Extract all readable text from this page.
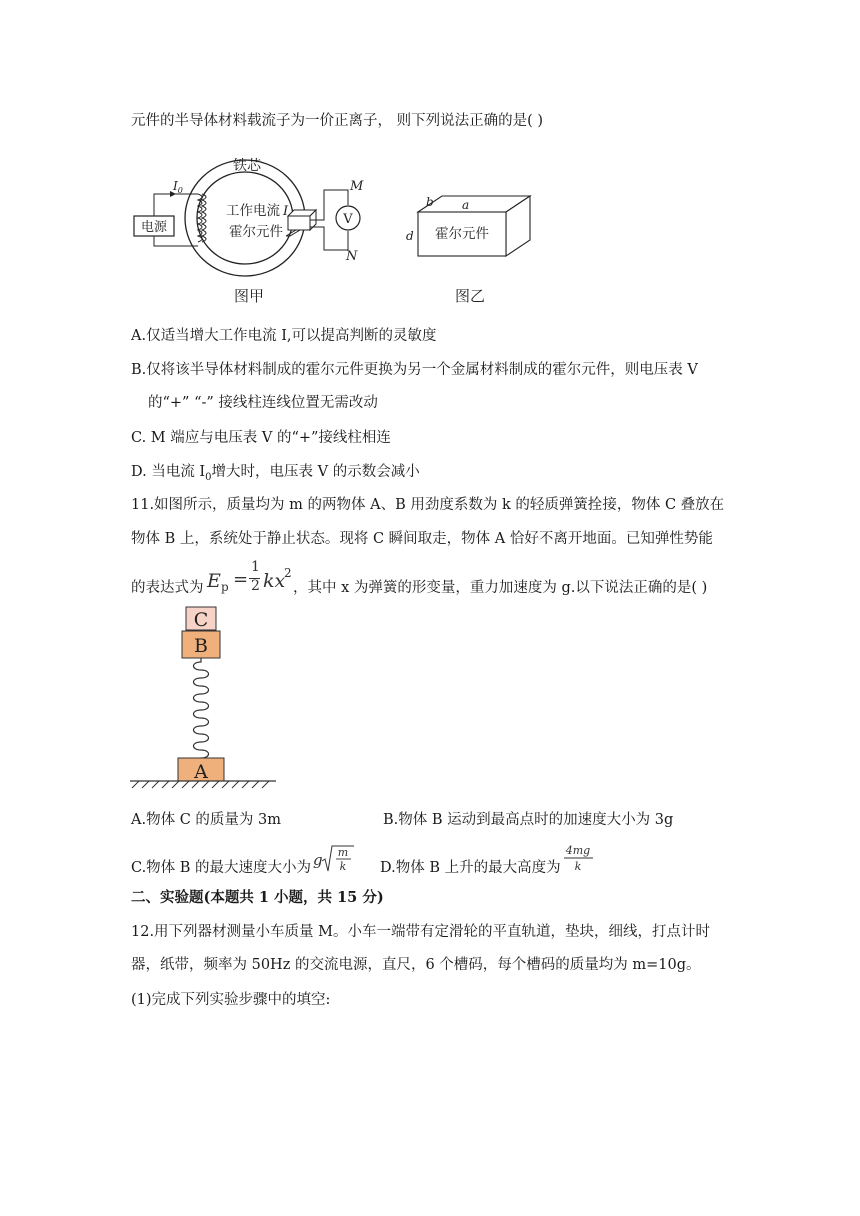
元件的半导体材料载流子为一价正离子， 则下列说法正确的是( )
电源
铁芯
$I_0$
工作电流 I
霍尔元件
V
M
N
图甲
b a
d 霍尔元件
图乙
A.仅适当增大工作电流 I,可以提高判断的灵敏度
B.仅将该半导体材料制成的霍尔元件更换为另一个金属材料制成的霍尔元件，则电压表 V
的“+” “-” 接线柱连线位置无需改动
C. M 端应与电压表 V 的“+”接线柱相连
D. 当电流 $I_0$增大时，电压表 V 的示数会减小
11.如图所示，质量均为 m 的两物体 A、B 用劲度系数为 k 的轻质弹簧拴接，物体 C 叠放在
物体 B 上，系统处于静止状态。现将 C 瞬间取走，物体 A 恰好不离开地面。已知弹性势能
的表达式为 E p =
1
2 kx
2
，其中 x 为弹簧的形变量，重力加速度为 g.以下说法正确的是( )
C
B
A
A.物体 C 的质量为 3m	B.物体 B 运动到最高点时的加速度大小为 3g
C.物体 B 的最大速度大小为 g m
k D.物体 B 上升的最大高度为
4mg
k
二、实验题(本题共 1 小题，共 15 分)
12.用下列器材测量小车质量 M。小车一端带有定滑轮的平直轨道，垫块，细线，打点计时
器，纸带，频率为 50Hz 的交流电源，直尺，6 个槽码，每个槽码的质量均为 m=10g。
(1)完成下列实验步骤中的填空:
